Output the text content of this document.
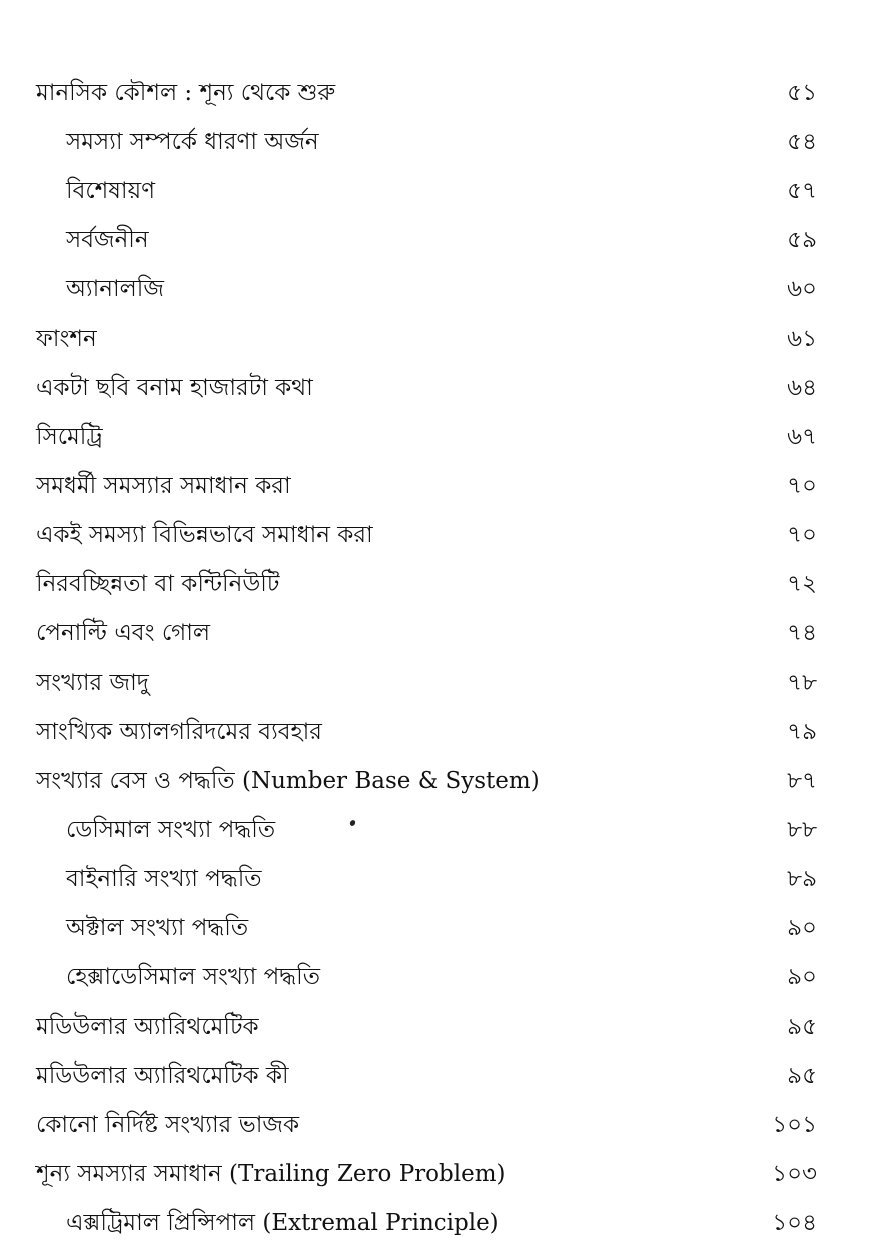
মানসিক কৌশল : শূন্য থেকে শুরু	৫১
সমস্যা সম্পর্কে ধারণা অর্জন	৫৪
বিশেষায়ণ	৫৭
সর্বজনীন	৫৯
অ্যানালজি	৬০
ফাংশন	৬১
একটা ছবি বনাম হাজারটা কথা	৬৪
সিমেট্রি	৬৭
সমধর্মী সমস্যার সমাধান করা	৭০
একই সমস্যা বিভিন্নভাবে সমাধান করা	৭০
নিরবচ্ছিন্নতা বা কন্টিনিউটি	৭২
পেনাল্টি এবং গোল	৭৪
সংখ্যার জাদু	৭৮
সাংখ্যিক অ্যালগরিদমের ব্যবহার	৭৯
সংখ্যার বেস ও পদ্ধতি (Number Base & System)	৮৭
ডেসিমাল সংখ্যা পদ্ধতি	৮৮
বাইনারি সংখ্যা পদ্ধতি	৮৯
অক্টাল সংখ্যা পদ্ধতি	৯০
হেক্সাডেসিমাল সংখ্যা পদ্ধতি	৯০
মডিউলার অ্যারিথমেটিক	৯৫
মডিউলার অ্যারিথমেটিক কী	৯৫
কোনো নির্দিষ্ট সংখ্যার ভাজক	১০১
শূন্য সমস্যার সমাধান (Trailing Zero Problem)	১০৩
এক্সট্রিমাল প্রিন্সিপাল (Extremal Principle)	১০৪
